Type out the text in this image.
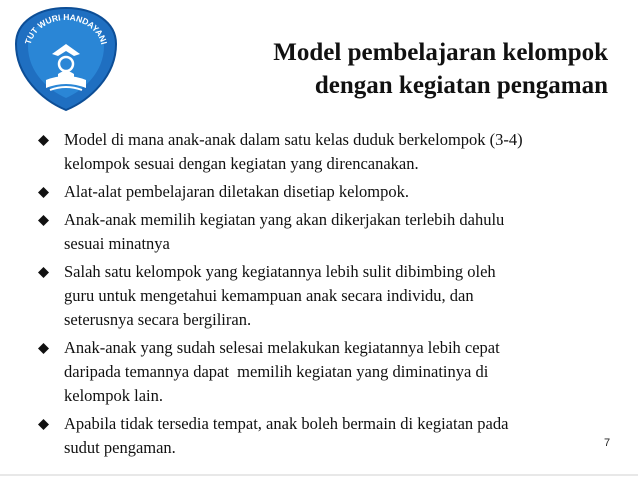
TUT WURI HANDAYANI	Model pembelajaran kelompok
dengan kegiatan pengaman
Model di mana anak-anak dalam satu kelas duduk berkelompok (3-4)
kelompok sesuai dengan kegiatan yang direncanakan.
Alat-alat pembelajaran diletakan disetiap kelompok.
Anak-anak memilih kegiatan yang akan dikerjakan terlebih dahulu
sesuai minatnya
Salah satu kelompok yang kegiatannya lebih sulit dibimbing oleh
guru untuk mengetahui kemampuan anak secara individu, dan
seterusnya secara bergiliran.
Anak-anak yang sudah selesai melakukan kegiatannya lebih cepat
daripada temannya dapat  memilih kegiatan yang diminatinya di
kelompok lain.
Apabila tidak tersedia tempat, anak boleh bermain di kegiatan pada
sudut pengaman.	7
